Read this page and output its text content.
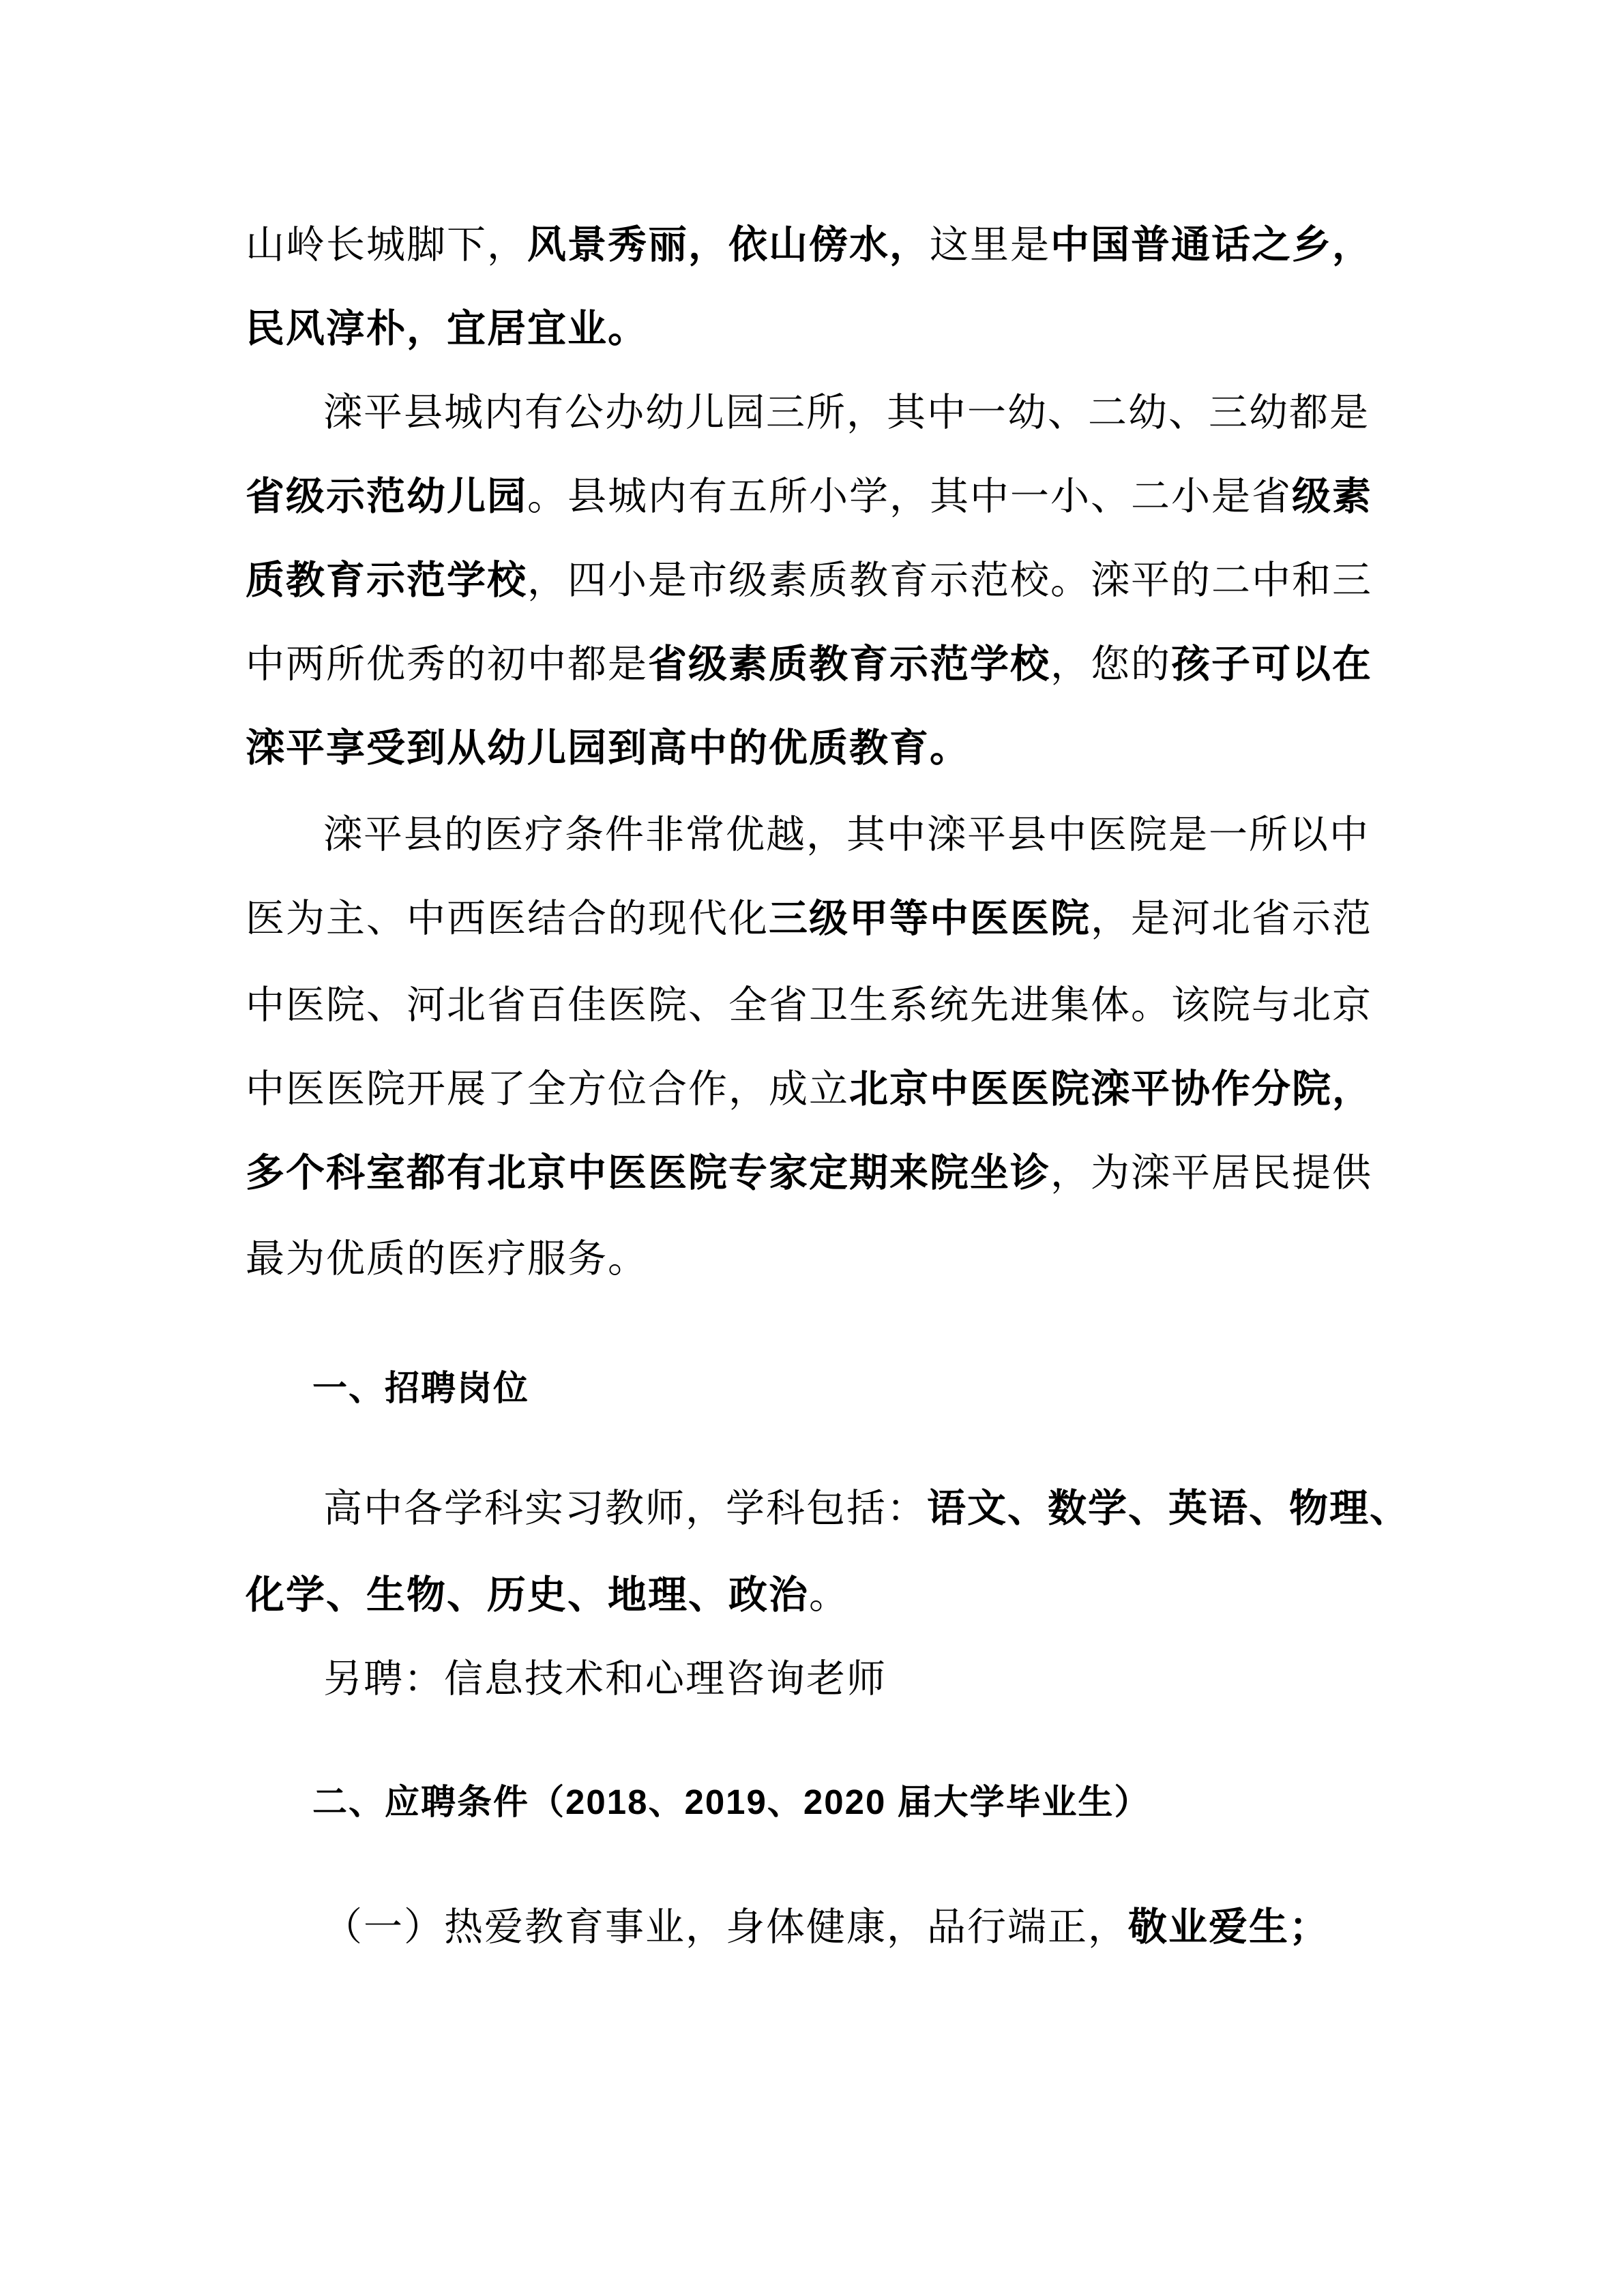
山岭长城脚下，风景秀丽，依山傍水，这里是中国普通话之乡，
民风淳朴，宜居宜业。
滦平县城内有公办幼儿园三所，其中一幼、二幼、三幼都是
省级示范幼儿园。县城内有五所小学，其中一小、二小是省级素
质教育示范学校，四小是市级素质教育示范校。滦平的二中和三
中两所优秀的初中都是省级素质教育示范学校，您的孩子可以在
滦平享受到从幼儿园到高中的优质教育。
滦平县的医疗条件非常优越，其中滦平县中医院是一所以中
医为主、中西医结合的现代化三级甲等中医医院，是河北省示范
中医院、河北省百佳医院、全省卫生系统先进集体。该院与北京
中医医院开展了全方位合作，成立北京中医医院滦平协作分院，
多个科室都有北京中医医院专家定期来院坐诊，为滦平居民提供
最为优质的医疗服务。
一、招聘岗位
高中各学科实习教师，学科包括：语文、数学、英语、物理、
化学、生物、历史、地理、政治。
另聘：信息技术和心理咨询老师
二、应聘条件（2018、2019、2020 届大学毕业生）
（一）热爱教育事业，身体健康，品行端正，敬业爱生；
